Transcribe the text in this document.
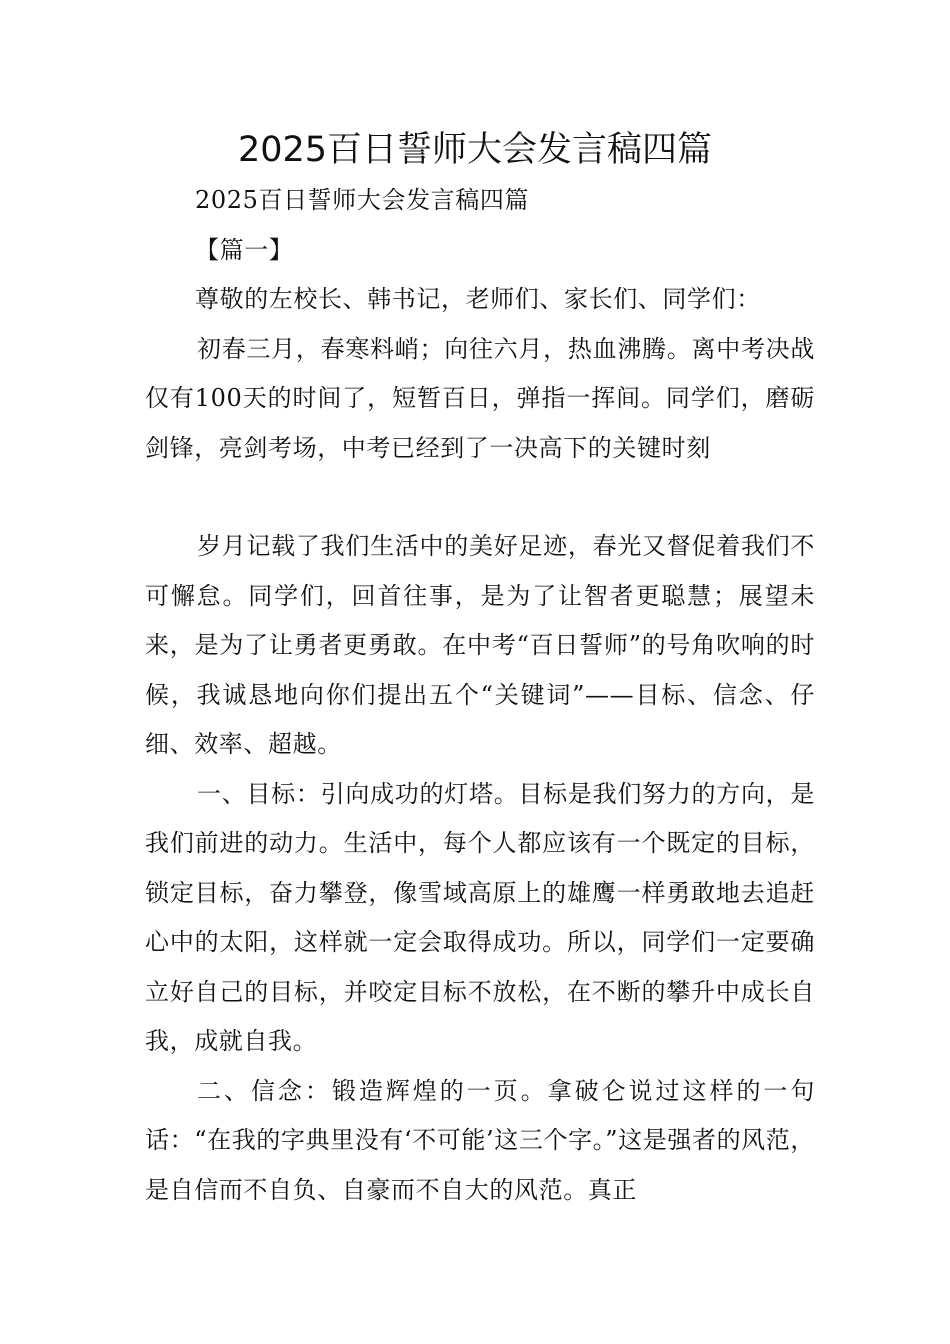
2025百日誓师大会发言稿四篇

2025百日誓师大会发言稿四篇

【篇一】

尊敬的左校长、韩书记，老师们、家长们、同学们：

初春三月，春寒料峭；向往六月，热血沸腾。离中考决战仅有100天的时间了，短暂百日，弹指一挥间。同学们，磨砺剑锋，亮剑考场，中考已经到了一决高下的关键时刻

岁月记载了我们生活中的美好足迹，春光又督促着我们不可懈怠。同学们，回首往事，是为了让智者更聪慧；展望未来，是为了让勇者更勇敢。在中考“百日誓师”的号角吹响的时候，我诚恳地向你们提出五个“关键词”——目标、信念、仔细、效率、超越。

一、目标：引向成功的灯塔。目标是我们努力的方向，是我们前进的动力。生活中，每个人都应该有一个既定的目标，锁定目标，奋力攀登，像雪域高原上的雄鹰一样勇敢地去追赶心中的太阳，这样就一定会取得成功。所以，同学们一定要确立好自己的目标，并咬定目标不放松，在不断的攀升中成长自我，成就自我。

二、信念：锻造辉煌的一页。拿破仑说过这样的一句话：“在我的字典里没有‘不可能’这三个字。”这是强者的风范，是自信而不自负、自豪而不自大的风范。真正
